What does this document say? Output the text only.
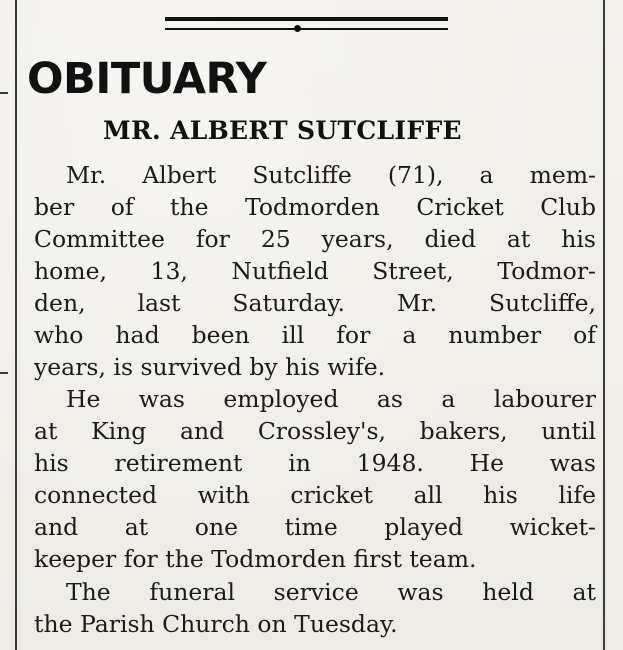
OBITUARY
MR. ALBERT SUTCLIFFE
Mr. Albert Sutcliffe (71), a mem-
ber of the Todmorden Cricket Club
Committee for 25 years, died at his
home, 13, Nutfield Street, Todmor-
den, last Saturday. Mr. Sutcliffe,
who had been ill for a number of
years, is survived by his wife.
He was employed as a labourer
at King and Crossley's, bakers, until
his retirement in 1948. He was
connected with cricket all his life
and at one time played wicket-
keeper for the Todmorden first team.
The funeral service was held at
the Parish Church on Tuesday.
